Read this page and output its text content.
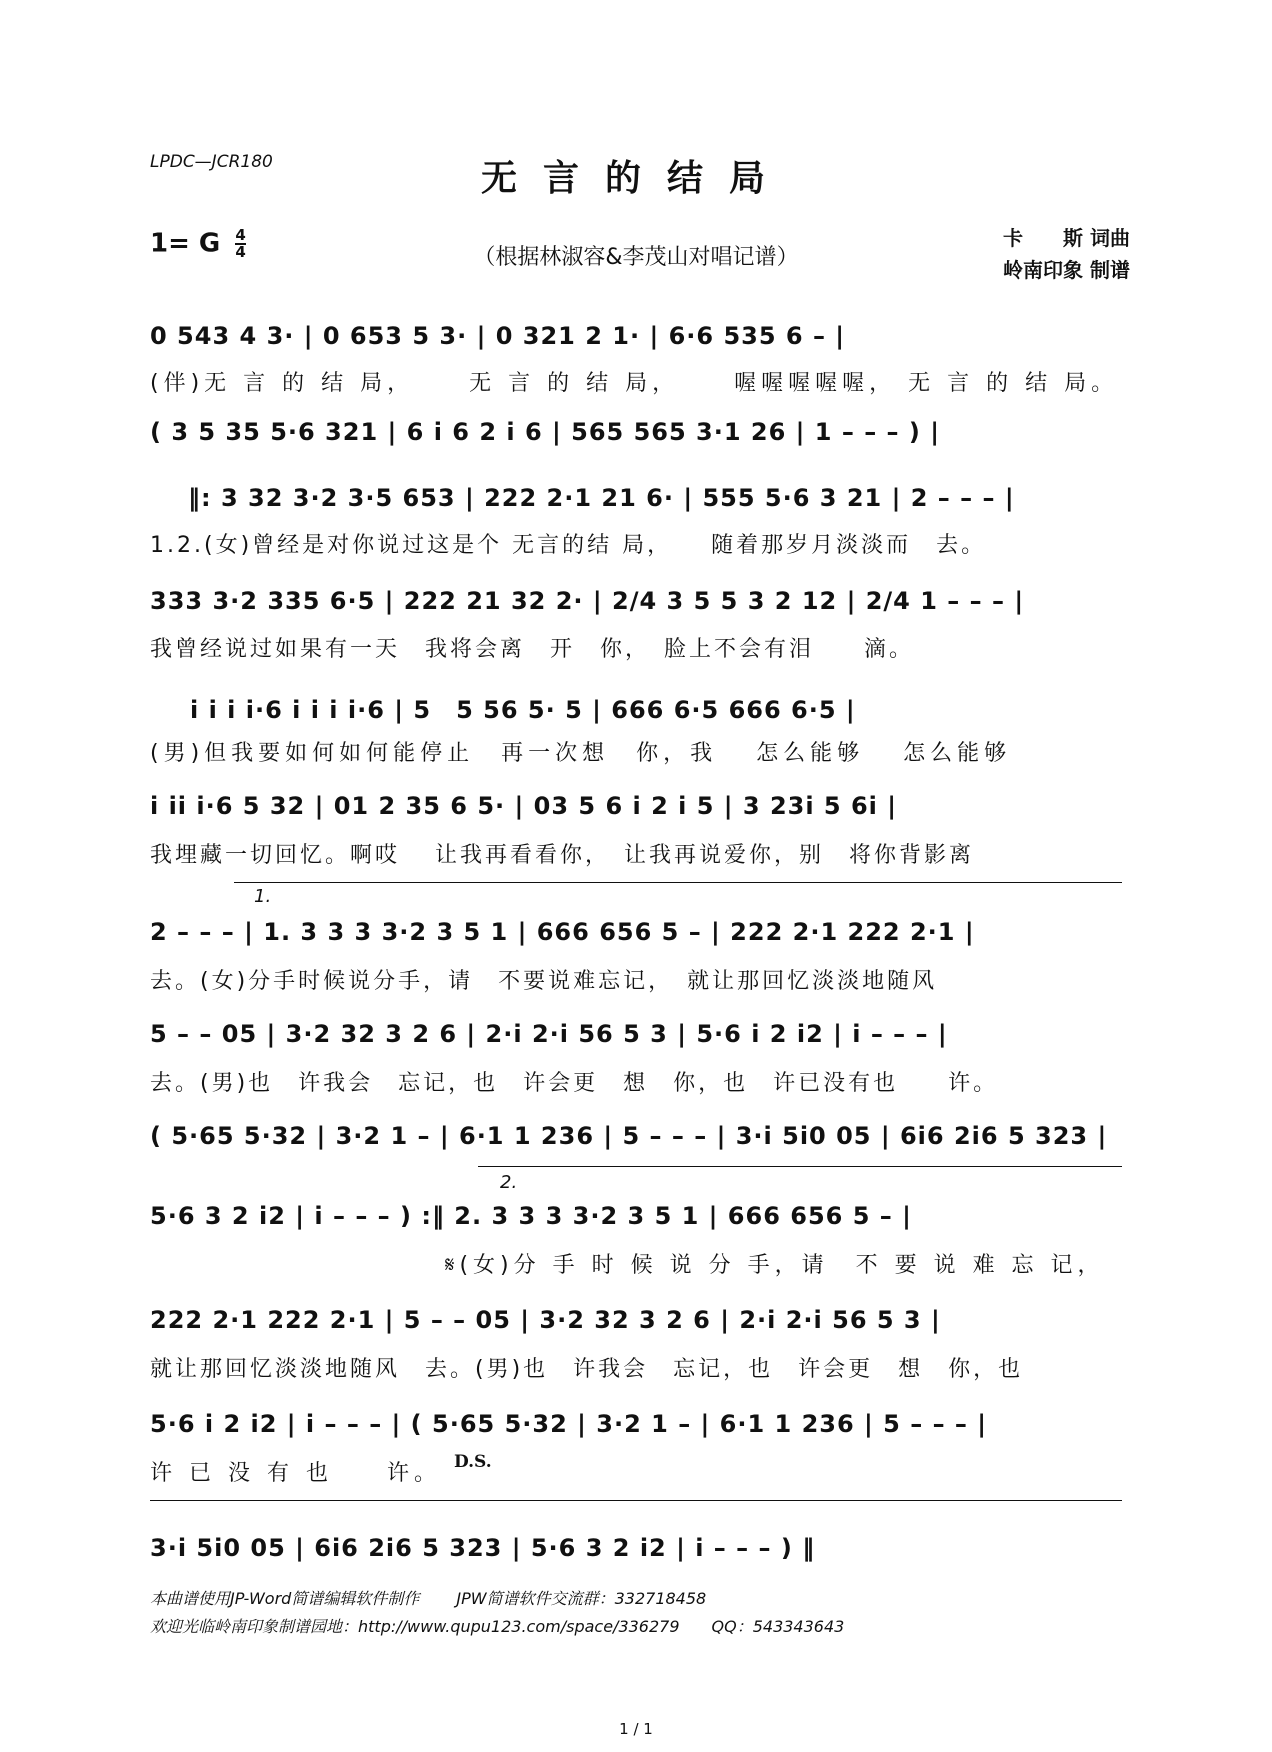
LPDC—JCR180	无言的结局
1= G $\frac{4}{4}$	（根据林淑容&李茂山对唱记谱）
卡　　斯 词曲
岭南印象 制谱
0 543 4 3· | 0 653 5 3· | 0 321 2 1· | 6·6 535 6 – |
(伴)无 言 的 结 局，　　 无 言 的 结 局，　　 喔喔喔喔喔， 无 言 的 结 局。
( 3 5 35 5·6 321 | 6 i 6 2 i 6 | 565 565 3·1 26 | 1 – – – ) |
‖: 3 32 3·2 3·5 653 | 222 2·1 21 6· | 555 5·6 3 21 | 2 – – – |
1.2.(女)曾经是对你说过这是个 无言的结 局，　　随着那岁月淡淡而　去。
333 3·2 335 6·5 | 222 21 32 2· | 2/4 3 5 5 3 2 12 | 2/4 1 – – – |
我曾经说过如果有一天　我将会离　开　你，　脸上不会有泪　　滴。
i i i i·6 i i i i·6 | 5　5 56 5· 5 | 666 6·5 666 6·5 |
(男)但我要如何如何能停止　再一次想　你，我　 怎么能够　 怎么能够
i ii i·6 5 32 | 01 2 35 6 5· | 03 5 6 i 2 i 5 | 3 23i 5 6i |
我埋藏一切回忆。啊哎　 让我再看看你，　让我再说爱你，别　将你背影离
1.
2 – – – | 1. 3 3 3 3·2 3 5 1 | 666 656 5 – | 222 2·1 222 2·1 |
去。(女)分手时候说分手，请　不要说难忘记，　就让那回忆淡淡地随风
5 – – 05 | 3·2 32 3 2 6 | 2·i 2·i 56 5 3 | 5·6 i 2 i2 | i – – – |
去。(男)也　许我会　忘记，也　许会更　想　你，也　许已没有也　　许。
( 5·65 5·32 | 3·2 1 – | 6·1 1 236 | 5 – – – | 3·i 5i0 05 | 6i6 2i6 5 323 |
2.
5·6 3 2 i2 | i – – – ) :‖ 2. 3 3 3 3·2 3 5 1 | 666 656 5 – |
𝄋(女)分 手 时 候 说 分 手，请　不 要 说 难 忘 记，
222 2·1 222 2·1 | 5 – – 05 | 3·2 32 3 2 6 | 2·i 2·i 56 5 3 |
就让那回忆淡淡地随风　去。(男)也　许我会　忘记，也　许会更　想　你，也
5·6 i 2 i2 | i – – – | ( 5·65 5·32 | 3·2 1 – | 6·1 1 236 | 5 – – – |
许 已 没 有 也　　许。 D.S.
3·i 5i0 05 | 6i6 2i6 5 323 | 5·6 3 2 i2 | i – – – ) ‖
本曲谱使用JP-Word简谱编辑软件制作　　 JPW简谱软件交流群：332718458
欢迎光临岭南印象制谱园地：http://www.qupu123.com/space/336279　　QQ：543343643
1 / 1
